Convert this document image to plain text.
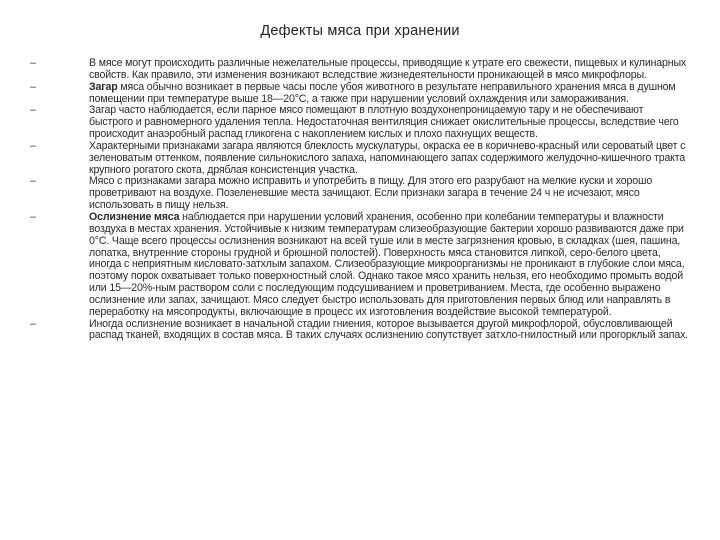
Дефекты мяса при хранении
–	В мясе могут происходить различные нежелательные процессы, приводящие к утрате его свежести, пищевых и кулинарных свойств. Как правило, эти изменения возникают вследствие жизнедеятельности проникающей в мясо микрофлоры.
–	Загар мяса обычно возникает в первые часы после убоя животного в результате неправильного хранения мяса в душном помещении при температуре выше 18—20°С, а также при нарушении условий охлаждения или замораживания.
–	Загар часто наблюдается, если парное мясо помещают в плотную воздухонепроницаемую тару и не обеспечивают быстрого и равномерного удаления тепла. Недостаточная вентиляция снижает окислительные процессы, вследствие чего происходит анаэробный распад гликогена с накоплением кислых и плохо пахнущих веществ.
–	Характерными признаками загара являются блеклость мускулатуры, окраска ее в коричнево-красный или сероватый цвет с зеленоватым оттенком, появление сильнокислого запаха, напоминающего запах содержимого желудочно-кишечного тракта крупного рогатого скота, дряблая консистенция участка.
–	Мясо с признаками загара можно исправить и употребить в пищу. Для этого его разрубают на мелкие куски и хорошо проветривают на воздухе. Позеленевшие места зачищают. Если признаки загара в течение 24 ч не исчезают, мясо использовать в пищу нельзя.
–	Ослизнение мяса наблюдается при нарушении условий хранения, особенно при колебании температуры и влажности воздуха в местах хранения. Устойчивые к низким температурам слизеобразующие бактерии хорошо развиваются даже при 0°С. Чаще всего процессы ослизнения возникают на всей туше или в месте загрязнения кровью, в складках (шея, пашина, лопатка, внутренние стороны грудной и брюшной полостей). Поверхность мяса становится липкой, серо-белого цвета, иногда с неприятным кисловато-затхлым запахом. Слизеобразующие микроорганизмы не проникают в глубокие слои мяса, поэтому порок охватывает только поверхностный слой. Однако такое мясо хранить нельзя, его необходимо промыть водой или 15—20%-ным раствором соли с последующим подсушиванием и проветриванием. Места, где особенно выражено ослизнение или запах, зачищают. Мясо следует быстро использовать для приготовления первых блюд или направлять в переработку на мясопродукты, включающие в процесс их изготовления воздействие высокой температурой.
–	Иногда ослизнение возникает в начальной стадии гниения, которое вызывается другой микрофлорой, обусловливающей распад тканей, входящих в состав мяса. В таких случаях ослизнению сопутствует затхло-гнилостный или прогорклый запах.
